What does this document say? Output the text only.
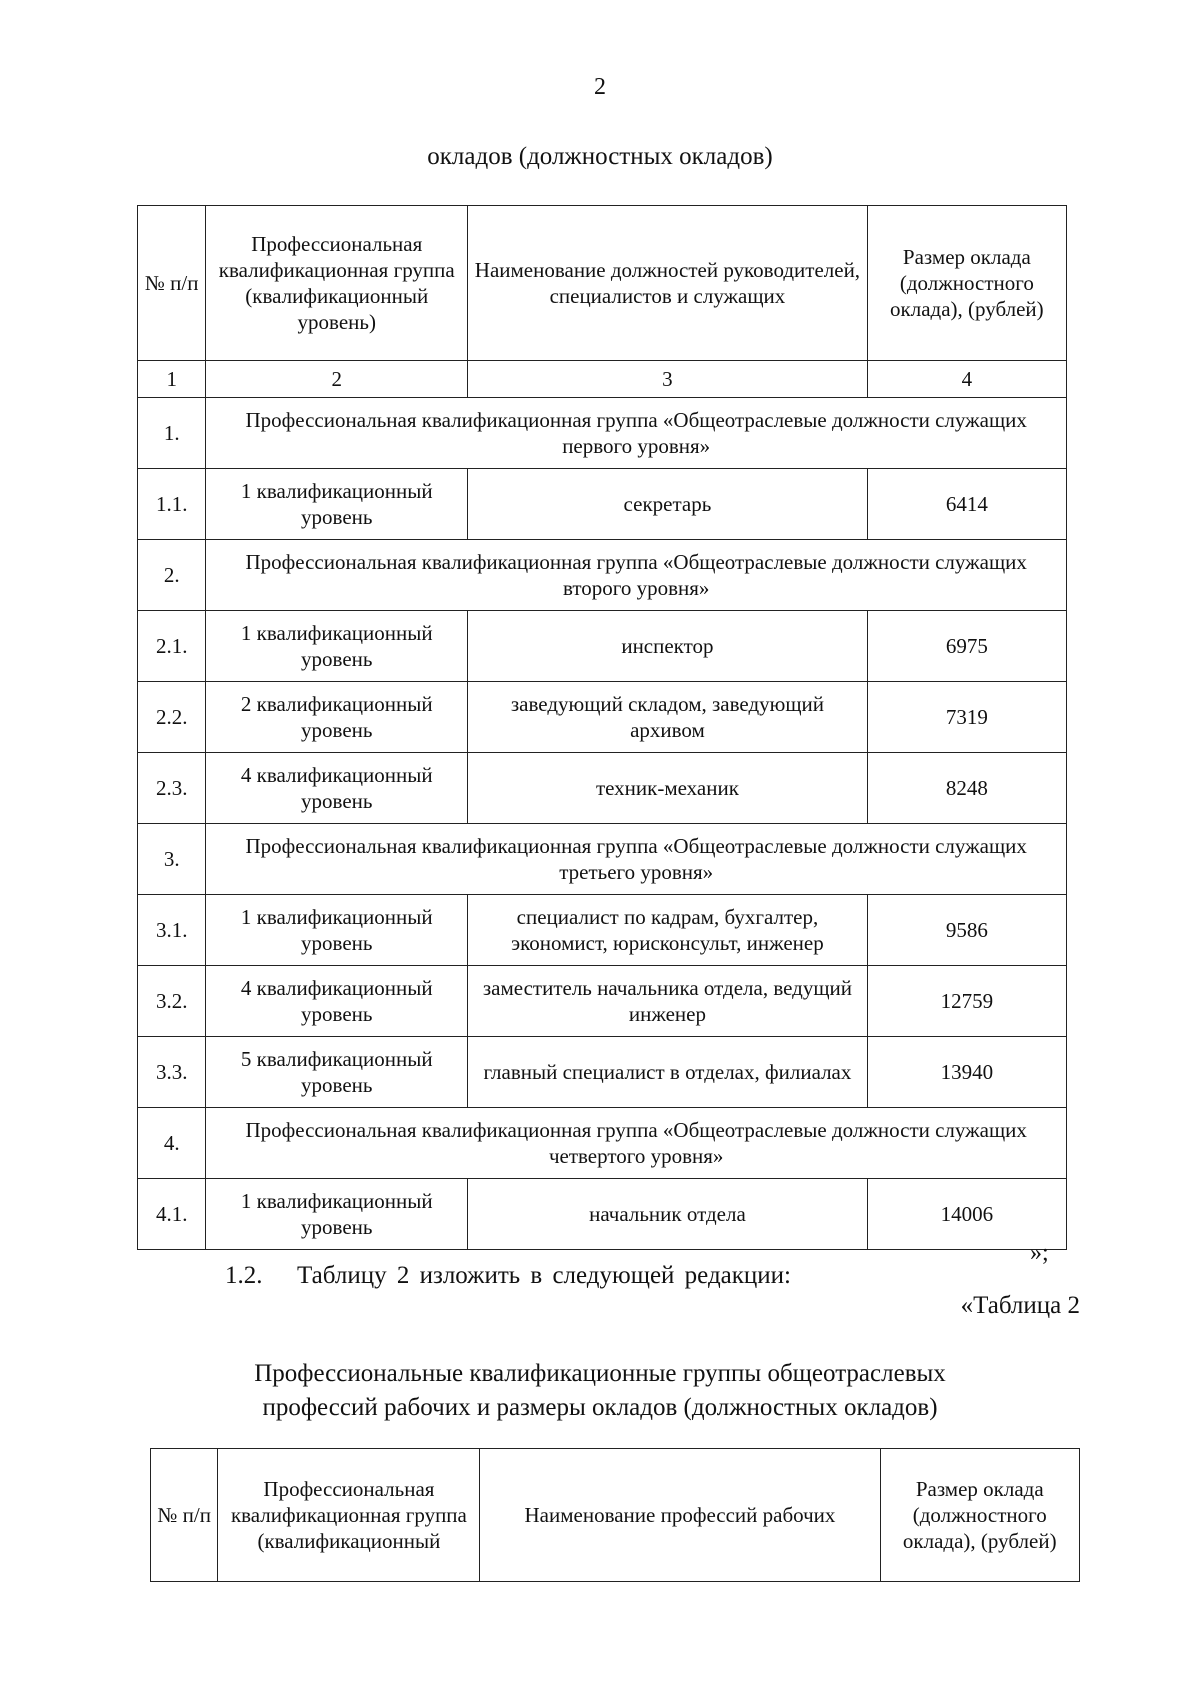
2
окладов (должностных окладов)
№ п/п	Профессиональная квалификационная группа (квалификационный уровень)	Наименование должностей руководителей, специалистов и служащих	Размер оклада (должностного оклада), (рублей)
1	2	3	4
1.	Профессиональная квалификационная группа «Общеотраслевые должности служащих первого уровня»		
1.1.	1 квалификационный уровень	секретарь	6414
2.	Профессиональная квалификационная группа «Общеотраслевые должности служащих второго уровня»		
2.1.	1 квалификационный уровень	инспектор	6975
2.2.	2 квалификационный уровень	заведующий складом, заведующий архивом	7319
2.3.	4 квалификационный уровень	техник-механик	8248
3.	Профессиональная квалификационная группа «Общеотраслевые должности служащих третьего уровня»		
3.1.	1 квалификационный уровень	специалист по кадрам, бухгалтер, экономист, юрисконсульт, инженер	9586
3.2.	4 квалификационный уровень	заместитель начальника отдела, ведущий инженер	12759
3.3.	5 квалификационный уровень	главный специалист в отделах, филиалах	13940
4.	Профессиональная квалификационная группа «Общеотраслевые должности служащих четвертого уровня»		
4.1.	1 квалификационный уровень	начальник отдела	14006
»;
1.2. Таблицу 2 изложить в следующей редакции:
«Таблица 2
Профессиональные квалификационные группы общеотраслевых
профессий рабочих и размеры окладов (должностных окладов)
№ п/п	Профессиональная квалификационная группа (квалификационный	Наименование профессий рабочих	Размер оклада (должностного оклада), (рублей)
